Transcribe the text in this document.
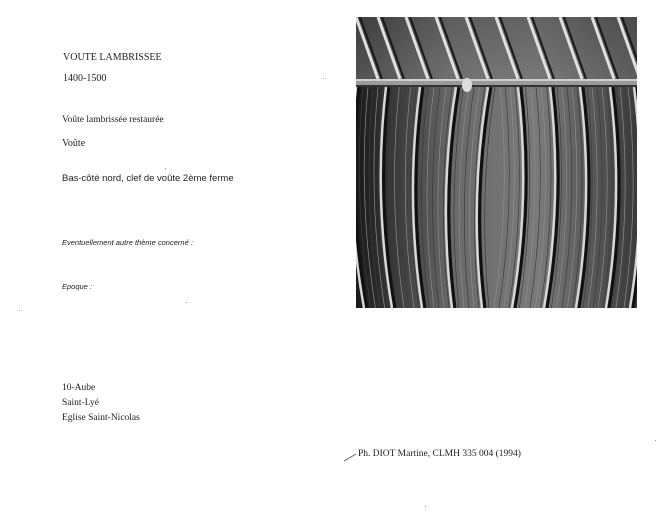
VOUTE LAMBRISSEE
1400-1500
Voûte lambrissée restaurée
Voûte
Bas-côté nord, clef de voûte 2ème ferme
Eventuellement autre thème concerné :
Epoque :
10-Aube
Saint-Lyé
Eglise Saint-Nicolas
Ph. DIOT Martine, CLMH 335 004 (1994)
